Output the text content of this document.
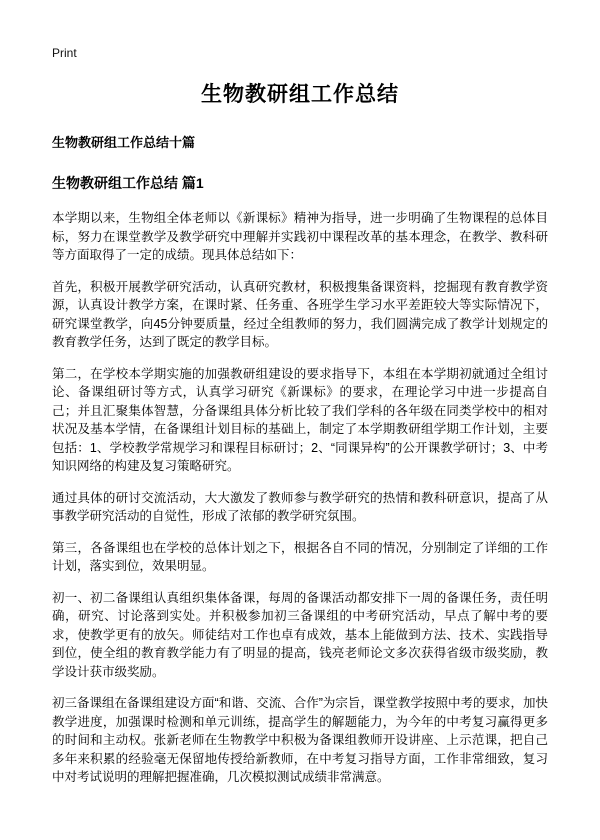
Print
生物教研组工作总结
生物教研组工作总结十篇
生物教研组工作总结 篇1

本学期以来，生物组全体老师以《新课标》精神为指导，进一步明确了生物课程的总体目标，努力在课堂教学及教学研究中理解并实践初中课程改革的基本理念，在教学、教科研等方面取得了一定的成绩。现具体总结如下：

首先，积极开展教学研究活动，认真研究教材，积极搜集备课资料，挖掘现有教育教学资源，认真设计教学方案，在课时紧、任务重、各班学生学习水平差距较大等实际情况下，研究课堂教学，向45分钟要质量，经过全组教师的努力，我们圆满完成了教学计划规定的教育教学任务，达到了既定的教学目标。

第二，在学校本学期实施的加强教研组建设的要求指导下，本组在本学期初就通过全组讨论、备课组研讨等方式，认真学习研究《新课标》的要求，在理论学习中进一步提高自己；并且汇聚集体智慧，分备课组具体分析比较了我们学科的各年级在同类学校中的相对状况及基本学情，在备课组计划目标的基础上，制定了本学期教研组学期工作计划，主要包括：1、学校教学常规学习和课程目标研讨；2、“同课异构”的公开课教学研讨；3、中考知识网络的构建及复习策略研究。

通过具体的研讨交流活动，大大激发了教师参与教学研究的热情和教科研意识，提高了从事教学研究活动的自觉性，形成了浓郁的教学研究氛围。

第三，各备课组也在学校的总体计划之下，根据各自不同的情况，分别制定了详细的工作计划，落实到位，效果明显。

初一、初二备课组认真组织集体备课，每周的备课活动都安排下一周的备课任务，责任明确，研究、讨论落到实处。并积极参加初三备课组的中考研究活动，早点了解中考的要求，使教学更有的放矢。师徒结对工作也卓有成效，基本上能做到方法、技术、实践指导到位，使全组的教育教学能力有了明显的提高，钱亮老师论文多次获得省级市级奖励，教学设计获市级奖励。

初三备课组在备课组建设方面“和谐、交流、合作”为宗旨，课堂教学按照中考的要求，加快教学进度，加强课时检测和单元训练，提高学生的解题能力，为今年的中考复习赢得更多的时间和主动权。张新老师在生物教学中积极为备课组教师开设讲座、上示范课，把自己多年来积累的经验毫无保留地传授给新教师，在中考复习指导方面，工作非常细致，复习中对考试说明的理解把握准确，几次模拟测试成绩非常满意。
